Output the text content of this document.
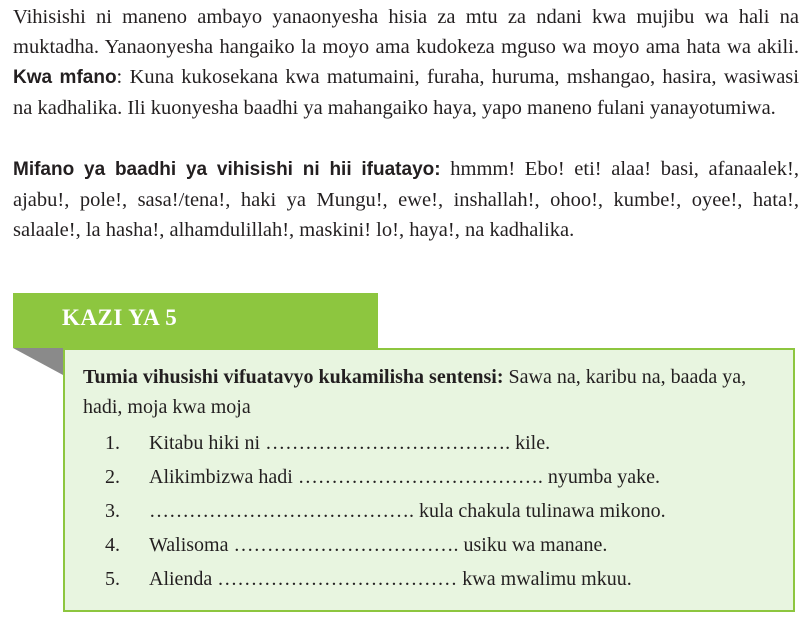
Vihisishi ni maneno ambayo yanaonyesha hisia za mtu za ndani kwa mujibu wa hali na muktadha. Yanaonyesha hangaiko la moyo ama kudokeza mguso wa moyo ama hata wa akili. Kwa mfano: Kuna kukosekana kwa matumaini, furaha, huruma, mshangao, hasira, wasiwasi na kadhalika. Ili kuonyesha baadhi ya mahangaiko haya, yapo maneno fulani yanayotumiwa.

Mifano ya baadhi ya vihisishi ni hii ifuatayo: hmmm! Ebo! eti! alaa! basi, afanaalek!, ajabu!, pole!, sasa!/tena!, haki ya Mungu!, ewe!, inshallah!, ohoo!, kumbe!, oyee!, hata!, salaale!, la hasha!, alhamdulillah!, maskini! lo!, haya!, na kadhalika.

KAZI YA 5

Tumia vihusishi vifuatavyo kukamilisha sentensi: Sawa na, karibu na, baada ya, hadi, moja kwa moja

1. Kitabu hiki ni ………………………………. kile.
2. Alikimbizwa hadi ………………………………. nyumba yake.
3. …………………………………. kula chakula tulinawa mikono.
4. Walisoma ……………………………. usiku wa manane.
5. Alienda ……………………………… kwa mwalimu mkuu.
